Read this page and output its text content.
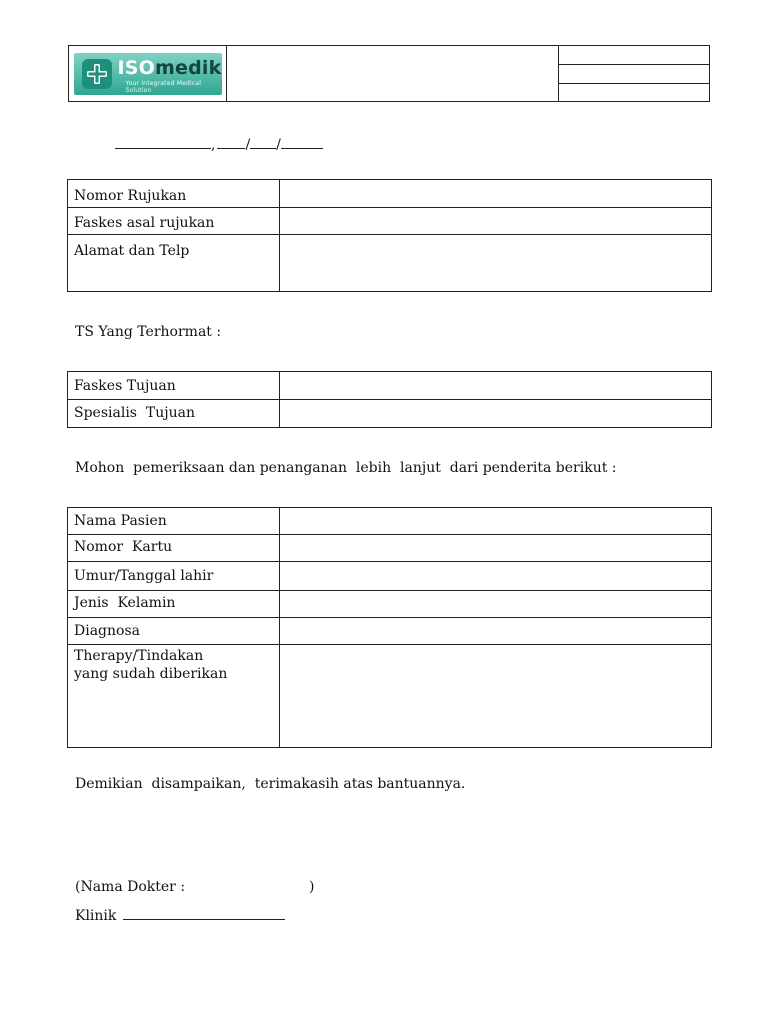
ISOmedik
Your Integrated Medical Solution
, / /
Nomor Rujukan	
Faskes asal rujukan	
Alamat dan Telp	
TS Yang Terhormat :
Faskes Tujuan	
Spesialis  Tujuan	
Mohon  pemeriksaan dan penanganan  lebih  lanjut  dari penderita berikut :
Nama Pasien	
Nomor  Kartu	
Umur/Tanggal lahir	
Jenis  Kelamin	
Diagnosa	

Therapy/Tindakan
yang sudah diberikan	

Demikian  disampaikan,  terimakasih atas bantuannya.
(Nama Dokter :	)
Klinik
